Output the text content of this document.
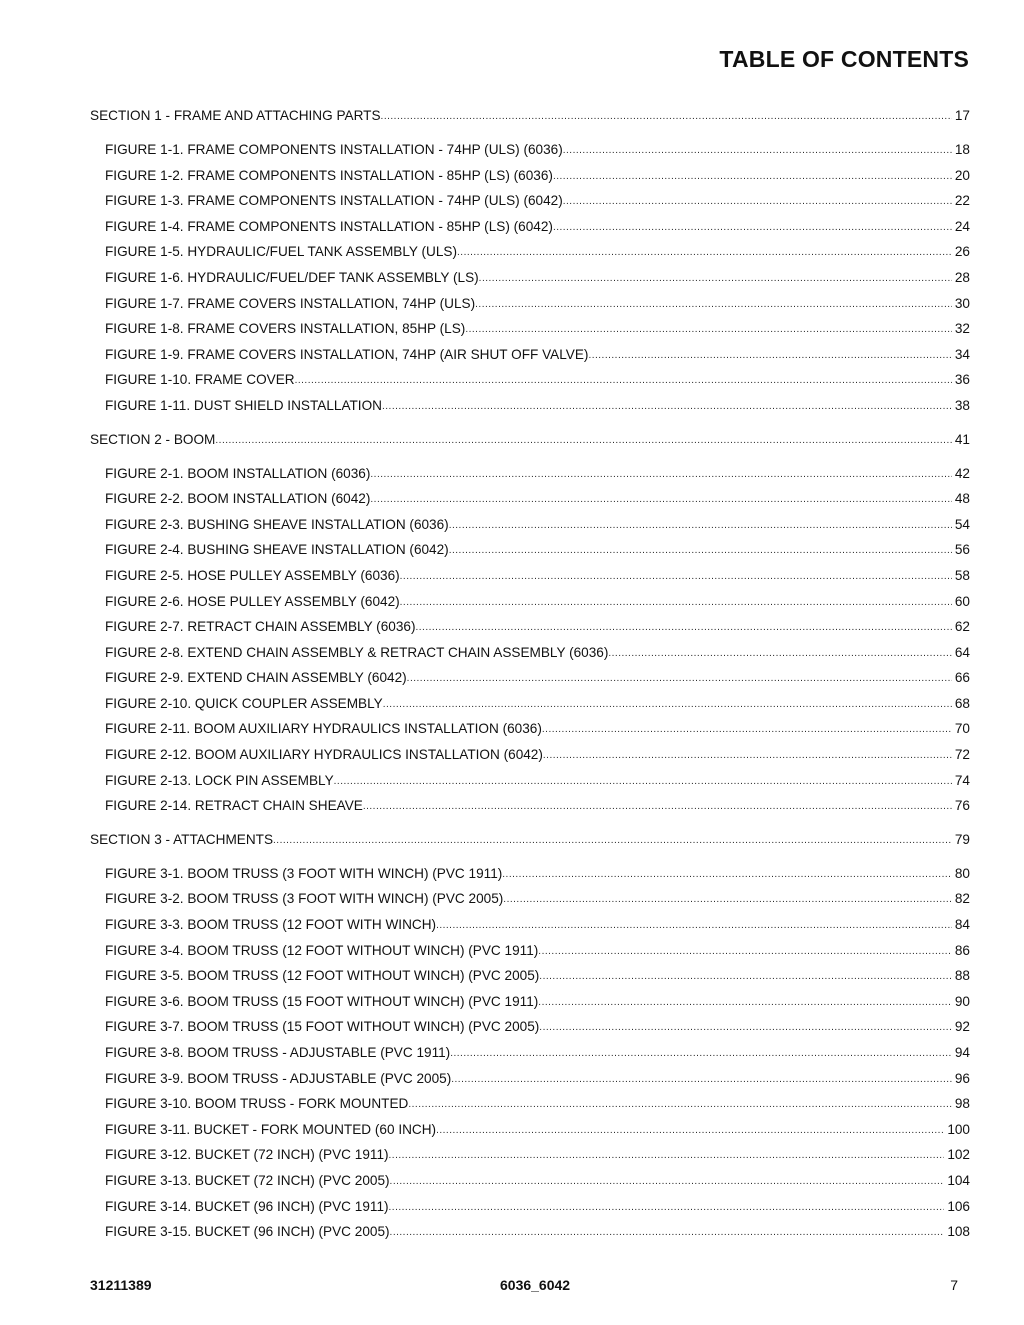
TABLE OF CONTENTS
SECTION 1 - FRAME AND ATTACHING PARTS .....	17
FIGURE 1-1. FRAME COMPONENTS INSTALLATION - 74HP (ULS) (6036) .....	18
FIGURE 1-2. FRAME COMPONENTS INSTALLATION - 85HP (LS) (6036) .....	20
FIGURE 1-3. FRAME COMPONENTS INSTALLATION - 74HP (ULS) (6042) .....	22
FIGURE 1-4. FRAME COMPONENTS INSTALLATION - 85HP (LS) (6042) .....	24
FIGURE 1-5. HYDRAULIC/FUEL TANK ASSEMBLY (ULS) .....	26
FIGURE 1-6. HYDRAULIC/FUEL/DEF TANK ASSEMBLY (LS) .....	28
FIGURE 1-7. FRAME COVERS INSTALLATION, 74HP (ULS) .....	30
FIGURE 1-8. FRAME COVERS INSTALLATION, 85HP (LS) .....	32
FIGURE 1-9. FRAME COVERS INSTALLATION, 74HP (AIR SHUT OFF VALVE) .....	34
FIGURE 1-10. FRAME COVER .....	36
FIGURE 1-11. DUST SHIELD INSTALLATION .....	38
SECTION 2 - BOOM .....	41
FIGURE 2-1. BOOM INSTALLATION (6036) .....	42
FIGURE 2-2. BOOM INSTALLATION (6042) .....	48
FIGURE 2-3. BUSHING SHEAVE INSTALLATION (6036) .....	54
FIGURE 2-4. BUSHING SHEAVE INSTALLATION (6042) .....	56
FIGURE 2-5. HOSE PULLEY ASSEMBLY (6036) .....	58
FIGURE 2-6. HOSE PULLEY ASSEMBLY (6042) .....	60
FIGURE 2-7. RETRACT CHAIN ASSEMBLY (6036) .....	62
FIGURE 2-8. EXTEND CHAIN ASSEMBLY & RETRACT CHAIN ASSEMBLY (6036) .....	64
FIGURE 2-9. EXTEND CHAIN ASSEMBLY (6042) .....	66
FIGURE 2-10. QUICK COUPLER ASSEMBLY .....	68
FIGURE 2-11. BOOM AUXILIARY HYDRAULICS INSTALLATION (6036) .....	70
FIGURE 2-12. BOOM AUXILIARY HYDRAULICS INSTALLATION (6042) .....	72
FIGURE 2-13. LOCK PIN ASSEMBLY .....	74
FIGURE 2-14. RETRACT CHAIN SHEAVE .....	76
SECTION 3 - ATTACHMENTS .....	79
FIGURE 3-1. BOOM TRUSS (3 FOOT WITH WINCH) (PVC 1911) .....	80
FIGURE 3-2. BOOM TRUSS (3 FOOT WITH WINCH) (PVC 2005) .....	82
FIGURE 3-3. BOOM TRUSS (12 FOOT WITH WINCH) .....	84
FIGURE 3-4. BOOM TRUSS (12 FOOT WITHOUT WINCH) (PVC 1911) .....	86
FIGURE 3-5. BOOM TRUSS (12 FOOT WITHOUT WINCH) (PVC 2005) .....	88
FIGURE 3-6. BOOM TRUSS (15 FOOT WITHOUT WINCH) (PVC 1911) .....	90
FIGURE 3-7. BOOM TRUSS (15 FOOT WITHOUT WINCH) (PVC 2005) .....	92
FIGURE 3-8. BOOM TRUSS - ADJUSTABLE (PVC 1911) .....	94
FIGURE 3-9. BOOM TRUSS - ADJUSTABLE (PVC 2005) .....	96
FIGURE 3-10. BOOM TRUSS - FORK MOUNTED .....	98
FIGURE 3-11. BUCKET - FORK MOUNTED (60 INCH) .....	100
FIGURE 3-12. BUCKET (72 INCH) (PVC 1911) .....	102
FIGURE 3-13. BUCKET (72 INCH) (PVC 2005) .....	104
FIGURE 3-14. BUCKET (96 INCH) (PVC 1911) .....	106
FIGURE 3-15. BUCKET (96 INCH) (PVC 2005) .....	108
31211389	6036_6042	7
